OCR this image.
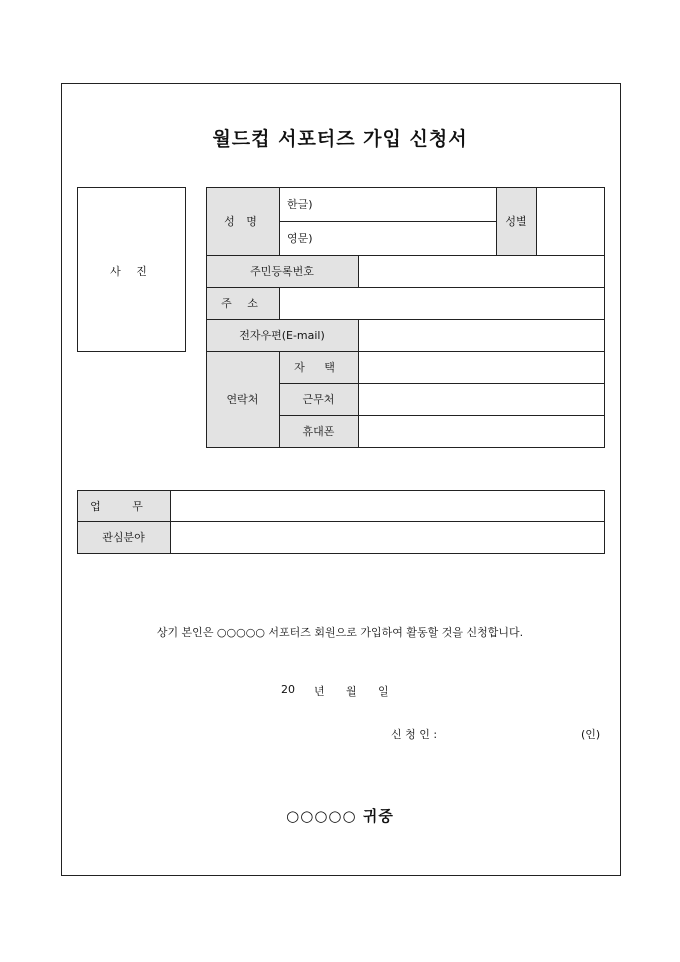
월드컵 서포터즈 가입 신청서
사 진
성 명
한글)
영문)
성별
주민등록번호
주 소
전자우편(E-mail)
연락처
자 택
근무처
휴대폰
업 무
관심분야
상기 본인은 ○○○○○ 서포터즈 회원으로 가입하여 활동할 것을 신청합니다.
20 년 월 일
신 청 인 :	(인)
○○○○○ 귀중
